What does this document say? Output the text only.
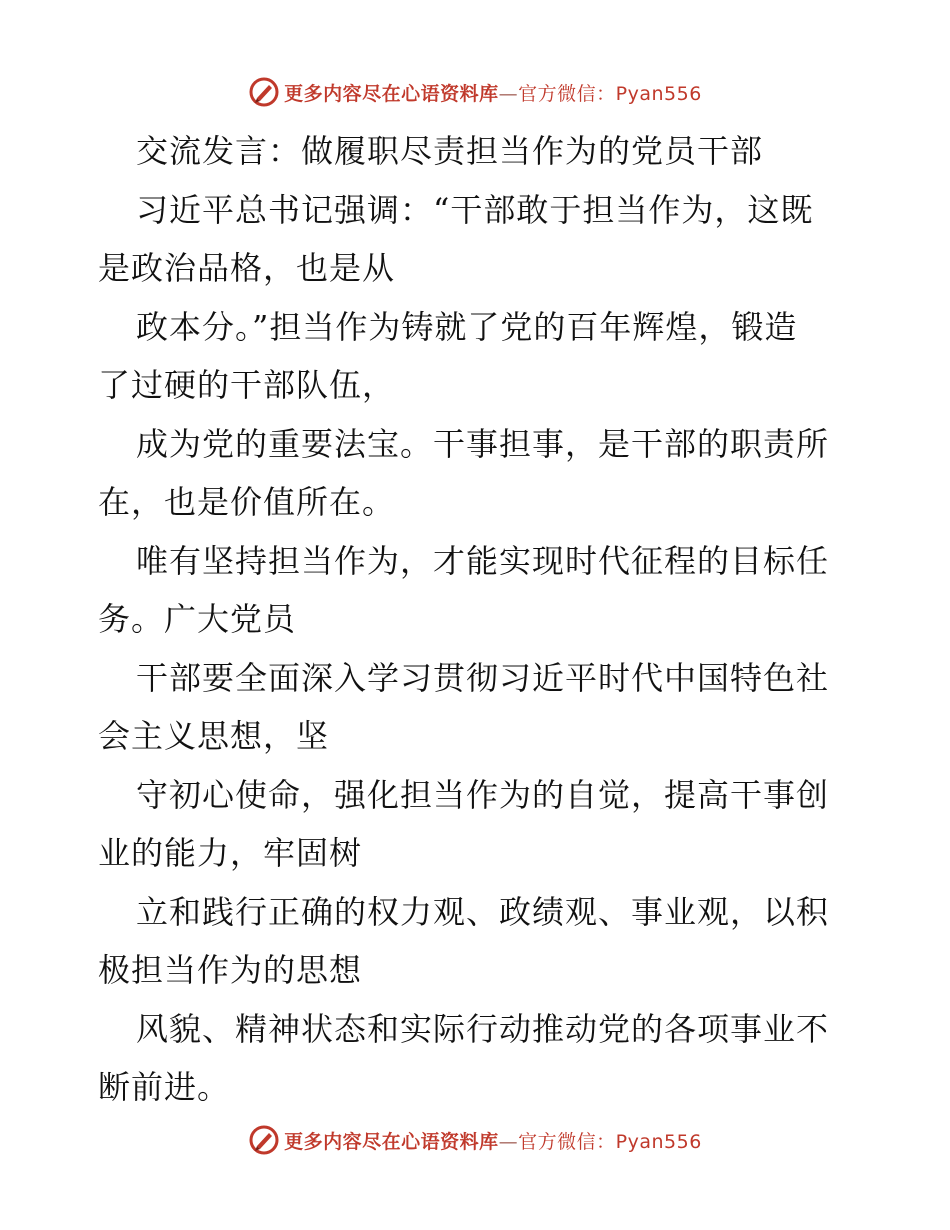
更多内容尽在心语资料库—官方微信：Pyan556
交流发言：做履职尽责担当作为的党员干部
习近平总书记强调：“干部敢于担当作为，这既
是政治品格，也是从
政本分。”担当作为铸就了党的百年辉煌，锻造
了过硬的干部队伍，
成为党的重要法宝。干事担事，是干部的职责所
在，也是价值所在。
唯有坚持担当作为，才能实现时代征程的目标任
务。广大党员
干部要全面深入学习贯彻习近平时代中国特色社
会主义思想，坚
守初心使命，强化担当作为的自觉，提高干事创
业的能力，牢固树
立和践行正确的权力观、政绩观、事业观，以积
极担当作为的思想
风貌、精神状态和实际行动推动党的各项事业不
断前进。
更多内容尽在心语资料库—官方微信：Pyan556
